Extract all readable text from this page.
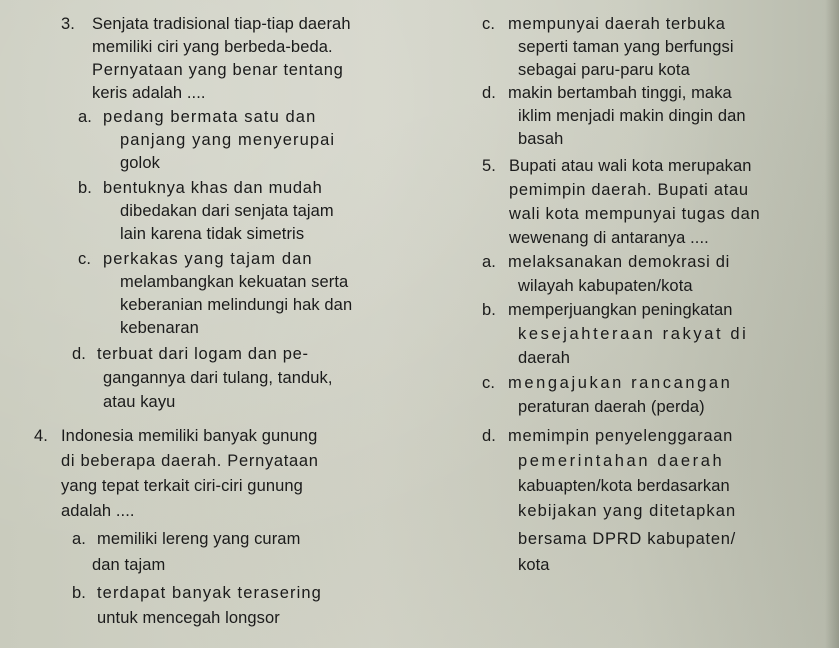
3. Senjata tradisional tiap-tiap daerah
memiliki ciri yang berbeda-beda.
Pernyataan yang benar tentang
keris adalah ....
a. pedang bermata satu dan
panjang yang menyerupai
golok
b. bentuknya khas dan mudah
dibedakan dari senjata tajam
lain karena tidak simetris
c. perkakas yang tajam dan
melambangkan kekuatan serta
keberanian melindungi hak dan
kebenaran
d. terbuat dari logam dan pe-
gangannya dari tulang, tanduk,
atau kayu
4. Indonesia memiliki banyak gunung
di beberapa daerah. Pernyataan
yang tepat terkait ciri-ciri gunung
adalah ....
a. memiliki lereng yang curam
dan tajam
b. terdapat banyak terasering
untuk mencegah longsor
c. mempunyai daerah terbuka
seperti taman yang berfungsi
sebagai paru-paru kota
d. makin bertambah tinggi, maka
iklim menjadi makin dingin dan
basah
5. Bupati atau wali kota merupakan
pemimpin daerah. Bupati atau
wali kota mempunyai tugas dan
wewenang di antaranya ....
a. melaksanakan demokrasi di
wilayah kabupaten/kota
b. memperjuangkan peningkatan
kesejahteraan rakyat di
daerah
c. mengajukan rancangan
peraturan daerah (perda)
d. memimpin penyelenggaraan
pemerintahan daerah
kabuapten/kota berdasarkan
kebijakan yang ditetapkan
bersama DPRD kabupaten/
kota
